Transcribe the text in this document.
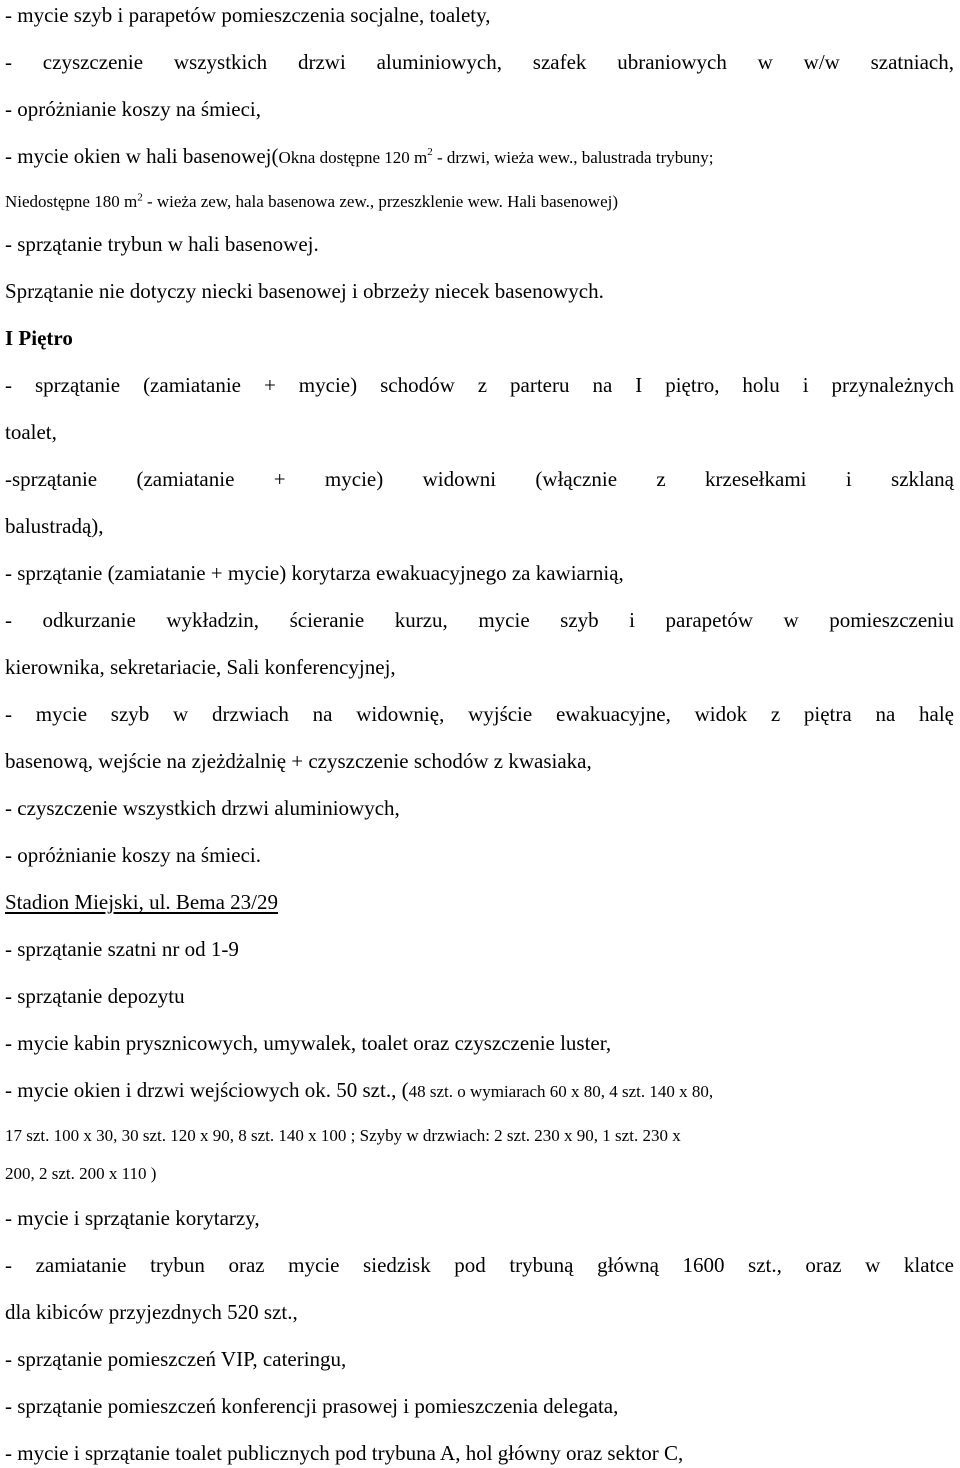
- mycie szyb i parapetów pomieszczenia socjalne, toalety,
- czyszczenie wszystkich drzwi aluminiowych, szafek ubraniowych w w/w szatniach,
- opróżnianie koszy na śmieci,
- mycie okien w hali basenowej(Okna dostępne 120 $m^2$ - drzwi, wieża wew., balustrada trybuny;
Niedostępne 180 $m^2$ - wieża zew, hala basenowa zew., przeszklenie wew. Hali basenowej)
- sprzątanie trybun w hali basenowej.
Sprzątanie nie dotyczy niecki basenowej i obrzeży niecek basenowych.
I Piętro
- sprzątanie (zamiatanie + mycie) schodów z parteru na I piętro, holu i przynależnych
toalet,
-sprzątanie (zamiatanie + mycie) widowni (włącznie z krzesełkami i szklaną
balustradą),
- sprzątanie (zamiatanie + mycie) korytarza ewakuacyjnego za kawiarnią,
- odkurzanie wykładzin, ścieranie kurzu, mycie szyb i parapetów w pomieszczeniu
kierownika, sekretariacie, Sali konferencyjnej,
- mycie szyb w drzwiach na widownię, wyjście ewakuacyjne, widok z piętra na halę
basenową, wejście na zjeżdżalnię + czyszczenie schodów z kwasiaka,
- czyszczenie wszystkich drzwi aluminiowych,
- opróżnianie koszy na śmieci.
Stadion Miejski, ul. Bema 23/29
- sprzątanie szatni nr od 1-9
- sprzątanie depozytu
- mycie kabin prysznicowych, umywalek, toalet oraz czyszczenie luster,
- mycie okien i drzwi wejściowych ok. 50 szt., (48 szt. o wymiarach 60 x 80, 4 szt. 140 x 80,
17 szt. 100 x 30, 30 szt. 120 x 90, 8 szt. 140 x 100 ; Szyby w drzwiach: 2 szt. 230 x 90, 1 szt. 230 x
200, 2 szt. 200 x 110 )
- mycie i sprzątanie korytarzy,
- zamiatanie trybun oraz mycie siedzisk pod trybuną główną 1600 szt., oraz w klatce
dla kibiców przyjezdnych 520 szt.,
- sprzątanie pomieszczeń VIP, cateringu,
- sprzątanie pomieszczeń konferencji prasowej i pomieszczenia delegata,
- mycie i sprzątanie toalet publicznych pod trybuna A, hol główny oraz sektor C,
